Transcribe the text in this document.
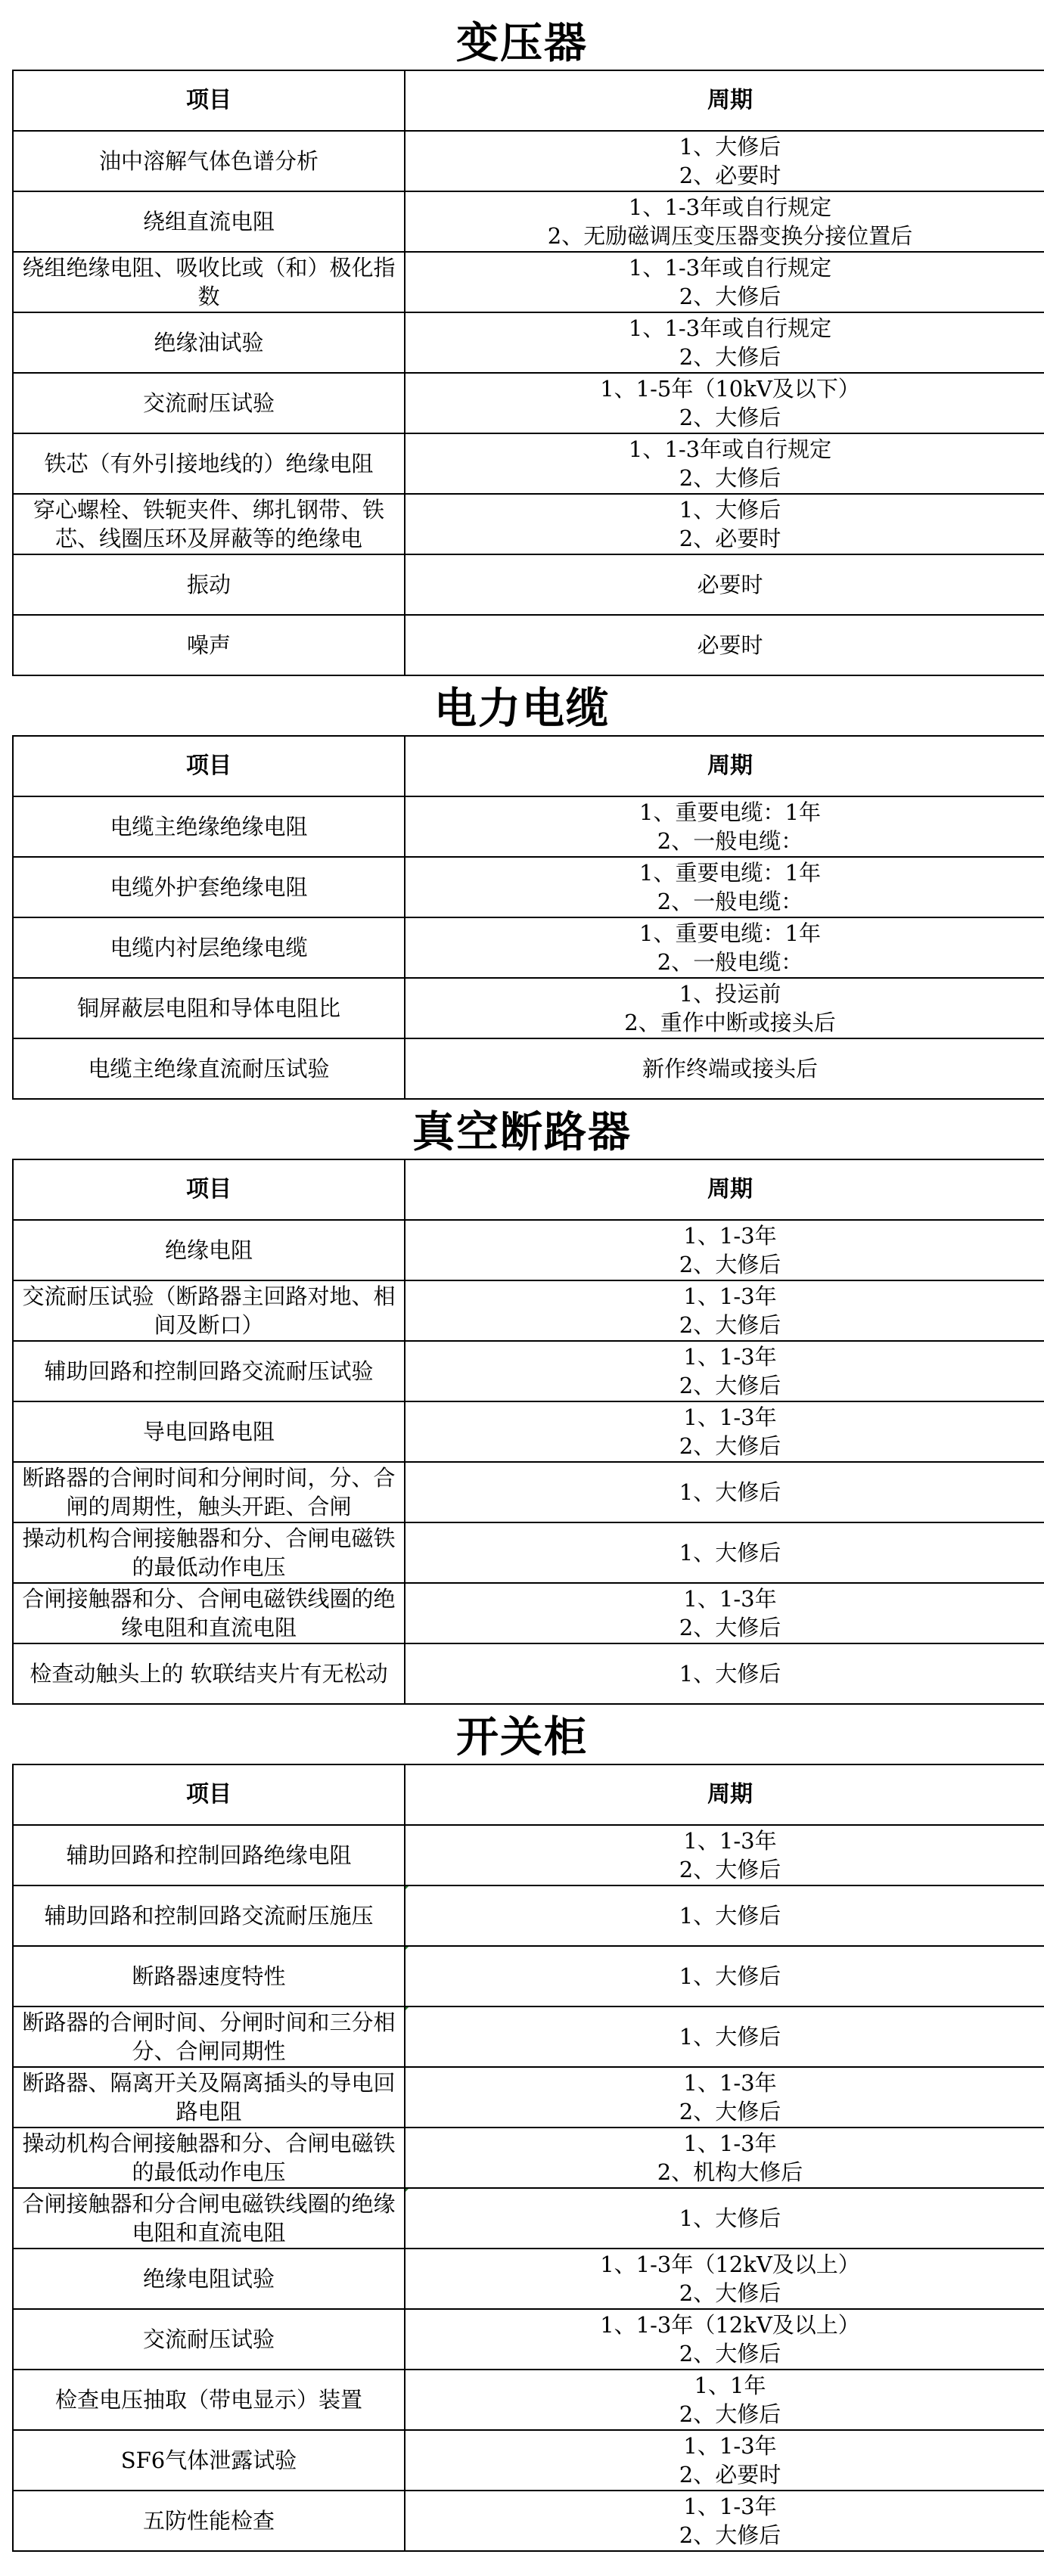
变压器
项目	周期

油中溶解气体色谱分析	1、大修后
2、必要时

绕组直流电阻	1、1-3年或自行规定
2、无励磁调压变压器变换分接位置后

绕组绝缘电阻、吸收比或（和）极化指数	1、1-3年或自行规定
2、大修后

绝缘油试验	1、1-3年或自行规定
2、大修后

交流耐压试验	1、1-5年（10kV及以下）
2、大修后

铁芯（有外引接地线的）绝缘电阻	1、1-3年或自行规定
2、大修后

穿心螺栓、铁轭夹件、绑扎钢带、铁芯、线圈压环及屏蔽等的绝缘电	1、大修后
2、必要时

振动	必要时

噪声	必要时
电力电缆
项目	周期

电缆主绝缘绝缘电阻	1、重要电缆：1年
2、一般电缆：

电缆外护套绝缘电阻	1、重要电缆：1年
2、一般电缆：

电缆内衬层绝缘电缆	1、重要电缆：1年
2、一般电缆：

铜屏蔽层电阻和导体电阻比	1、投运前
2、重作中断或接头后

电缆主绝缘直流耐压试验	新作终端或接头后
真空断路器
项目	周期

绝缘电阻	1、1-3年
2、大修后

交流耐压试验（断路器主回路对地、相间及断口）	1、1-3年
2、大修后

辅助回路和控制回路交流耐压试验	1、1-3年
2、大修后

导电回路电阻	1、1-3年
2、大修后

断路器的合闸时间和分闸时间，分、合闸的周期性，触头开距、合闸	1、大修后

操动机构合闸接触器和分、合闸电磁铁的最低动作电压	1、大修后

合闸接触器和分、合闸电磁铁线圈的绝缘电阻和直流电阻	1、1-3年
2、大修后

检查动触头上的 软联结夹片有无松动	1、大修后
开关柜
项目	周期

辅助回路和控制回路绝缘电阻	1、1-3年
2、大修后

辅助回路和控制回路交流耐压施压	1、大修后

断路器速度特性	1、大修后

断路器的合闸时间、分闸时间和三分相分、合闸同期性	1、大修后

断路器、隔离开关及隔离插头的导电回路电阻	1、1-3年
2、大修后

操动机构合闸接触器和分、合闸电磁铁的最低动作电压	1、1-3年
2、机构大修后

合闸接触器和分合闸电磁铁线圈的绝缘电阻和直流电阻	1、大修后

绝缘电阻试验	1、1-3年（12kV及以上）
2、大修后

交流耐压试验	1、1-3年（12kV及以上）
2、大修后

检查电压抽取（带电显示）装置	1、1年
2、大修后

SF6气体泄露试验	1、1-3年
2、必要时

五防性能检查	1、1-3年
2、大修后
